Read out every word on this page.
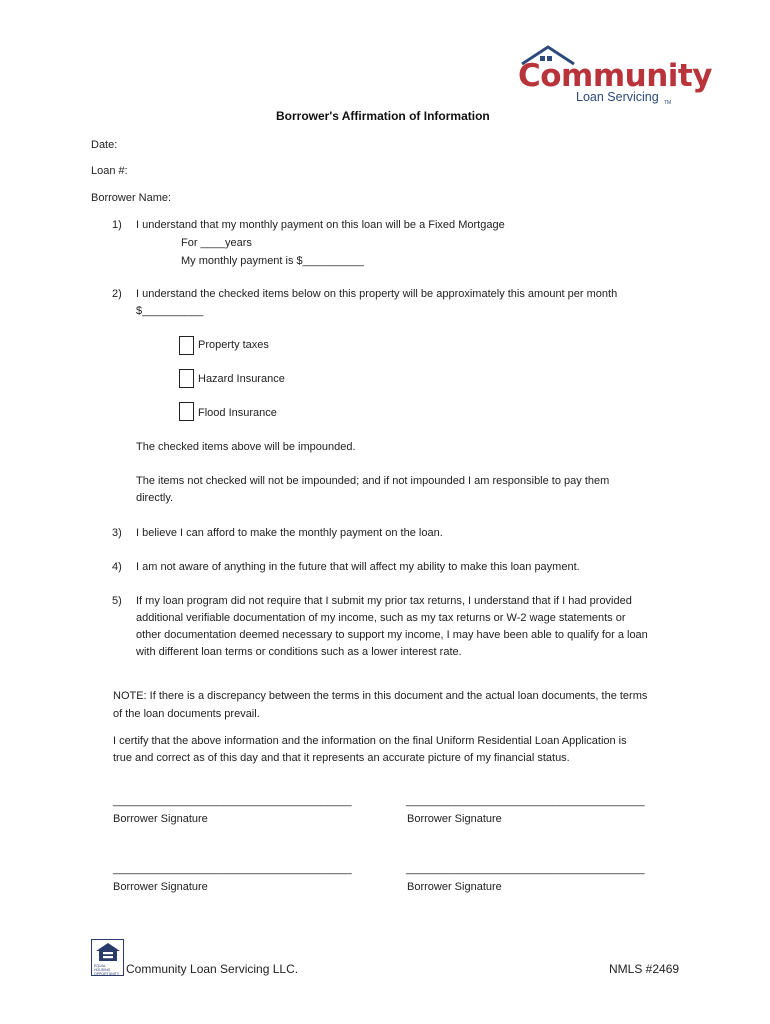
Community
Loan Servicing TM
Borrower's Affirmation of Information
Date:
Loan #:
Borrower Name:
1) I understand that my monthly payment on this loan will be a Fixed Mortgage
For ____years
My monthly payment is $__________
2) I understand the checked items below on this property will be approximately this amount per month
$__________
Property taxes
Hazard Insurance
Flood Insurance
The checked items above will be impounded.
The items not checked will not be impounded; and if not impounded I am responsible to pay them
directly.
3) I believe I can afford to make the monthly payment on the loan.
4) I am not aware of anything in the future that will affect my ability to make this loan payment.
5) If my loan program did not require that I submit my prior tax returns, I understand that if I had provided
additional verifiable documentation of my income, such as my tax returns or W-2 wage statements or
other documentation deemed necessary to support my income, I may have been able to qualify for a loan
with different loan terms or conditions such as a lower interest rate.
NOTE: If there is a discrepancy between the terms in this document and the actual loan documents, the terms
of the loan documents prevail.
I certify that the above information and the information on the final Uniform Residential Loan Application is
true and correct as of this day and that it represents an accurate picture of my financial status.
_______________________________________
Borrower Signature
_______________________________________
Borrower Signature
_______________________________________
Borrower Signature
_______________________________________
Borrower Signature
EQUAL HOUSING OPPORTUNITY Community Loan Servicing LLC.	NMLS #2469
